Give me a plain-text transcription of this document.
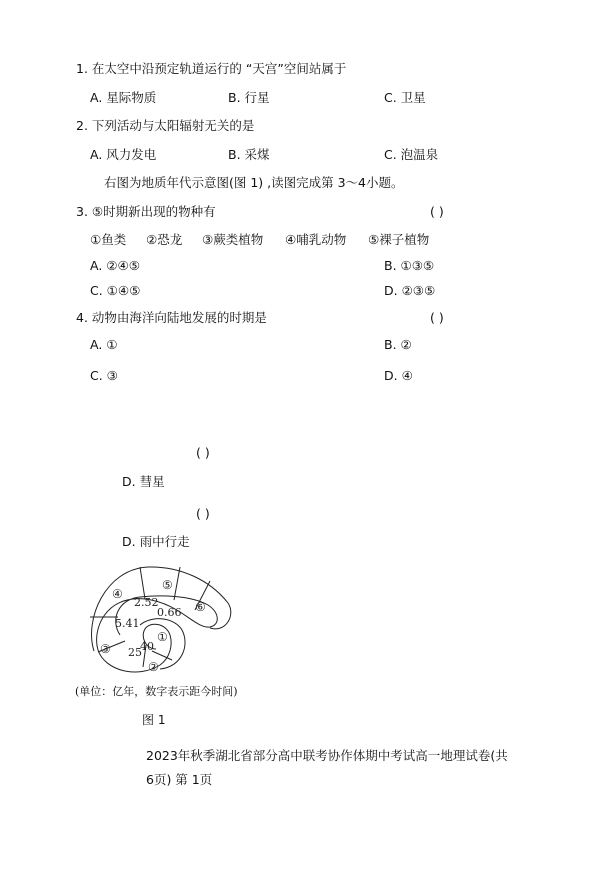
1. 在太空中沿预定轨道运行的 “天宫”空间站属于
A. 星际物质	B. 行星	C. 卫星
2. 下列活动与太阳辐射无关的是
A. 风力发电	B. 采煤	C. 泡温泉
右图为地质年代示意图(图 1) ,读图完成第 3～4小题。
3. ⑤时期新出现的物种有	( )
①鱼类 ②恐龙 ③蕨类植物 ④哺乳动物 ⑤裸子植物
A. ②④⑤	B. ①③⑤
C. ①④⑤	D. ②③⑤
4. 动物由海洋向陆地发展的时期是	( )
A. ①	B. ②
C. ③	D. ④
( )
D. 彗星
( )
D. 雨中行走
①
②
③
④
⑤
⑥
40
25
5.41
2.52
0.66
(单位：亿年，数字表示距今时间)
图 1
2023年秋季湖北省部分高中联考协作体期中考试高一地理试卷(共
6页) 第 1页
